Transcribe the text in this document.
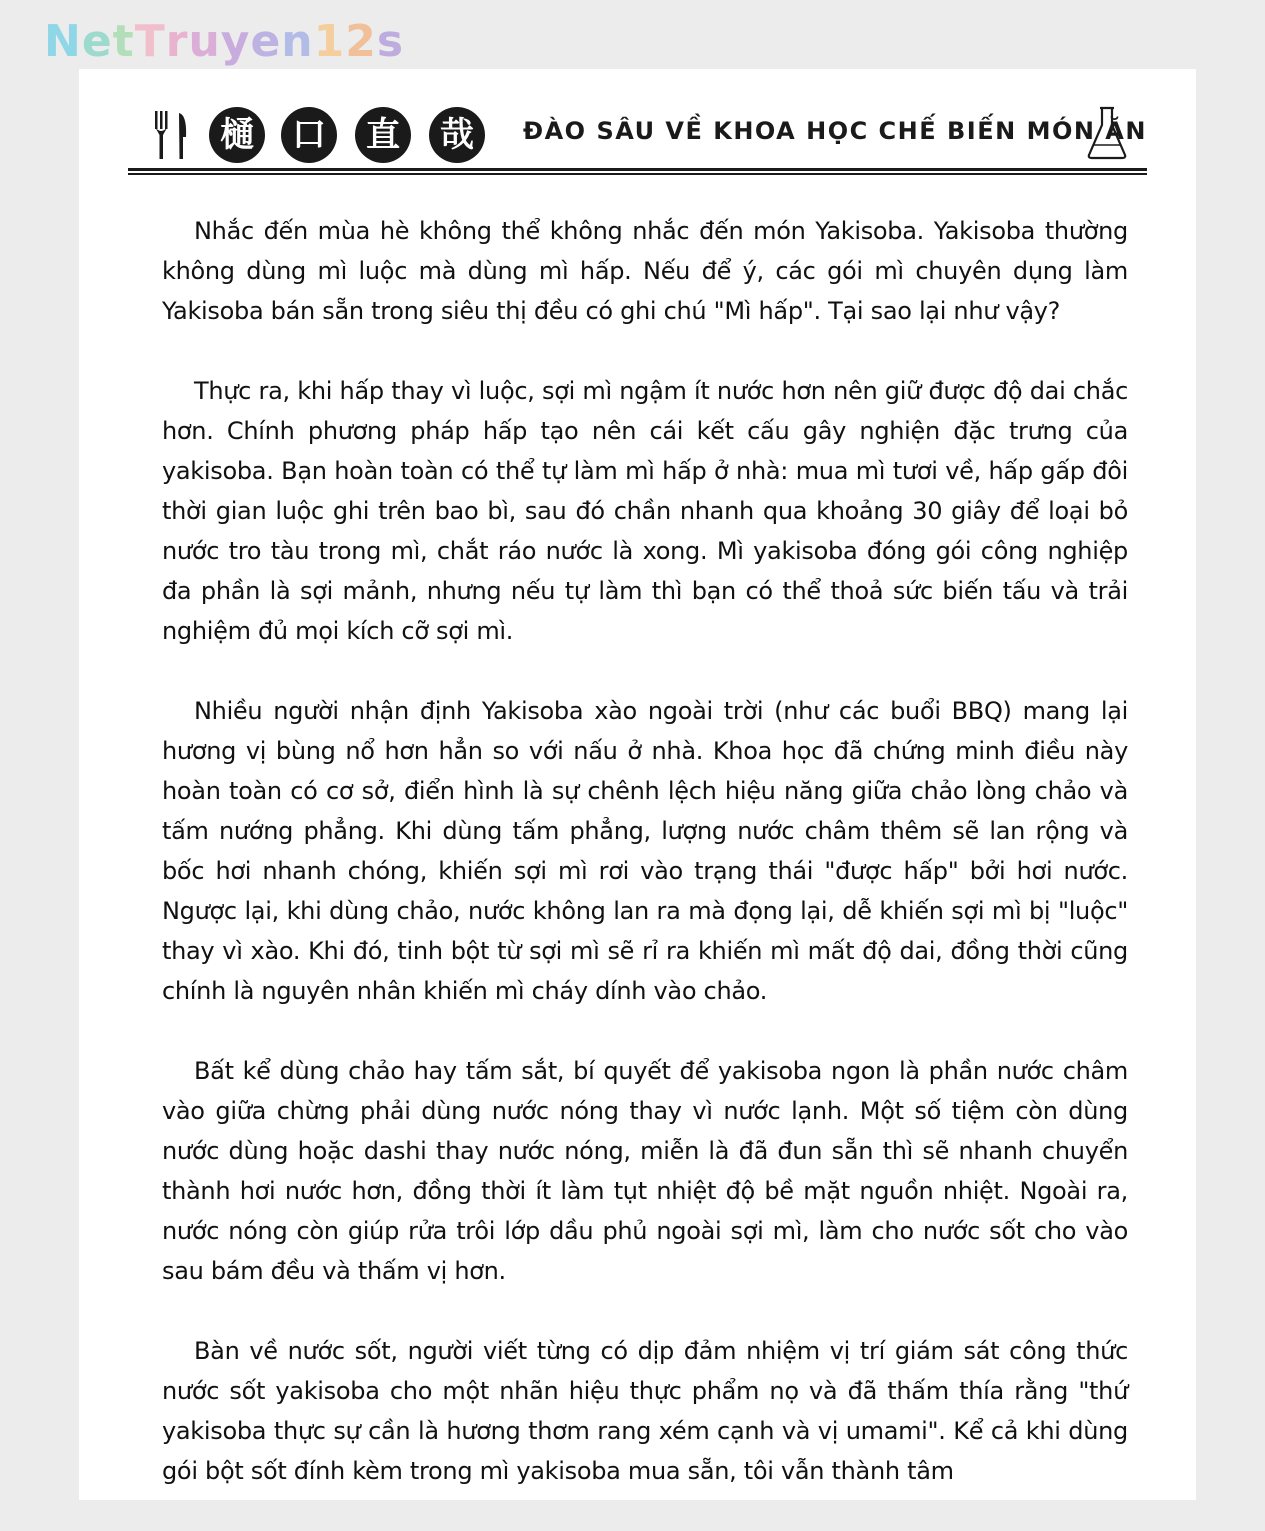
NetTruyen12s
樋	口	直	哉	ĐÀO SÂU VỀ KHOA HỌC CHẾ BIẾN MÓN ĂN

Nhắc đến mùa hè không thể không nhắc đến món Yakisoba. Yakisoba thường không dùng mì luộc mà dùng mì hấp. Nếu để ý, các gói mì chuyên dụng làm Yakisoba bán sẵn trong siêu thị đều có ghi chú "Mì hấp". Tại sao lại như vậy?

Thực ra, khi hấp thay vì luộc, sợi mì ngậm ít nước hơn nên giữ được độ dai chắc hơn. Chính phương pháp hấp tạo nên cái kết cấu gây nghiện đặc trưng của yakisoba. Bạn hoàn toàn có thể tự làm mì hấp ở nhà: mua mì tươi về, hấp gấp đôi thời gian luộc ghi trên bao bì, sau đó chần nhanh qua khoảng 30 giây để loại bỏ nước tro tàu trong mì, chắt ráo nước là xong. Mì yakisoba đóng gói công nghiệp đa phần là sợi mảnh, nhưng nếu tự làm thì bạn có thể thoả sức biến tấu và trải nghiệm đủ mọi kích cỡ sợi mì.

Nhiều người nhận định Yakisoba xào ngoài trời (như các buổi BBQ) mang lại hương vị bùng nổ hơn hẳn so với nấu ở nhà. Khoa học đã chứng minh điều này hoàn toàn có cơ sở, điển hình là sự chênh lệch hiệu năng giữa chảo lòng chảo và tấm nướng phẳng. Khi dùng tấm phẳng, lượng nước châm thêm sẽ lan rộng và bốc hơi nhanh chóng, khiến sợi mì rơi vào trạng thái "được hấp" bởi hơi nước. Ngược lại, khi dùng chảo, nước không lan ra mà đọng lại, dễ khiến sợi mì bị "luộc" thay vì xào. Khi đó, tinh bột từ sợi mì sẽ rỉ ra khiến mì mất độ dai, đồng thời cũng chính là nguyên nhân khiến mì cháy dính vào chảo.

Bất kể dùng chảo hay tấm sắt, bí quyết để yakisoba ngon là phần nước châm vào giữa chừng phải dùng nước nóng thay vì nước lạnh. Một số tiệm còn dùng nước dùng hoặc dashi thay nước nóng, miễn là đã đun sẵn thì sẽ nhanh chuyển thành hơi nước hơn, đồng thời ít làm tụt nhiệt độ bề mặt nguồn nhiệt. Ngoài ra, nước nóng còn giúp rửa trôi lớp dầu phủ ngoài sợi mì, làm cho nước sốt cho vào sau bám đều và thấm vị hơn.

Bàn về nước sốt, người viết từng có dịp đảm nhiệm vị trí giám sát công thức nước sốt yakisoba cho một nhãn hiệu thực phẩm nọ và đã thấm thía rằng "thứ yakisoba thực sự cần là hương thơm rang xém cạnh và vị umami". Kể cả khi dùng gói bột sốt đính kèm trong mì yakisoba mua sẵn, tôi vẫn thành tâm
